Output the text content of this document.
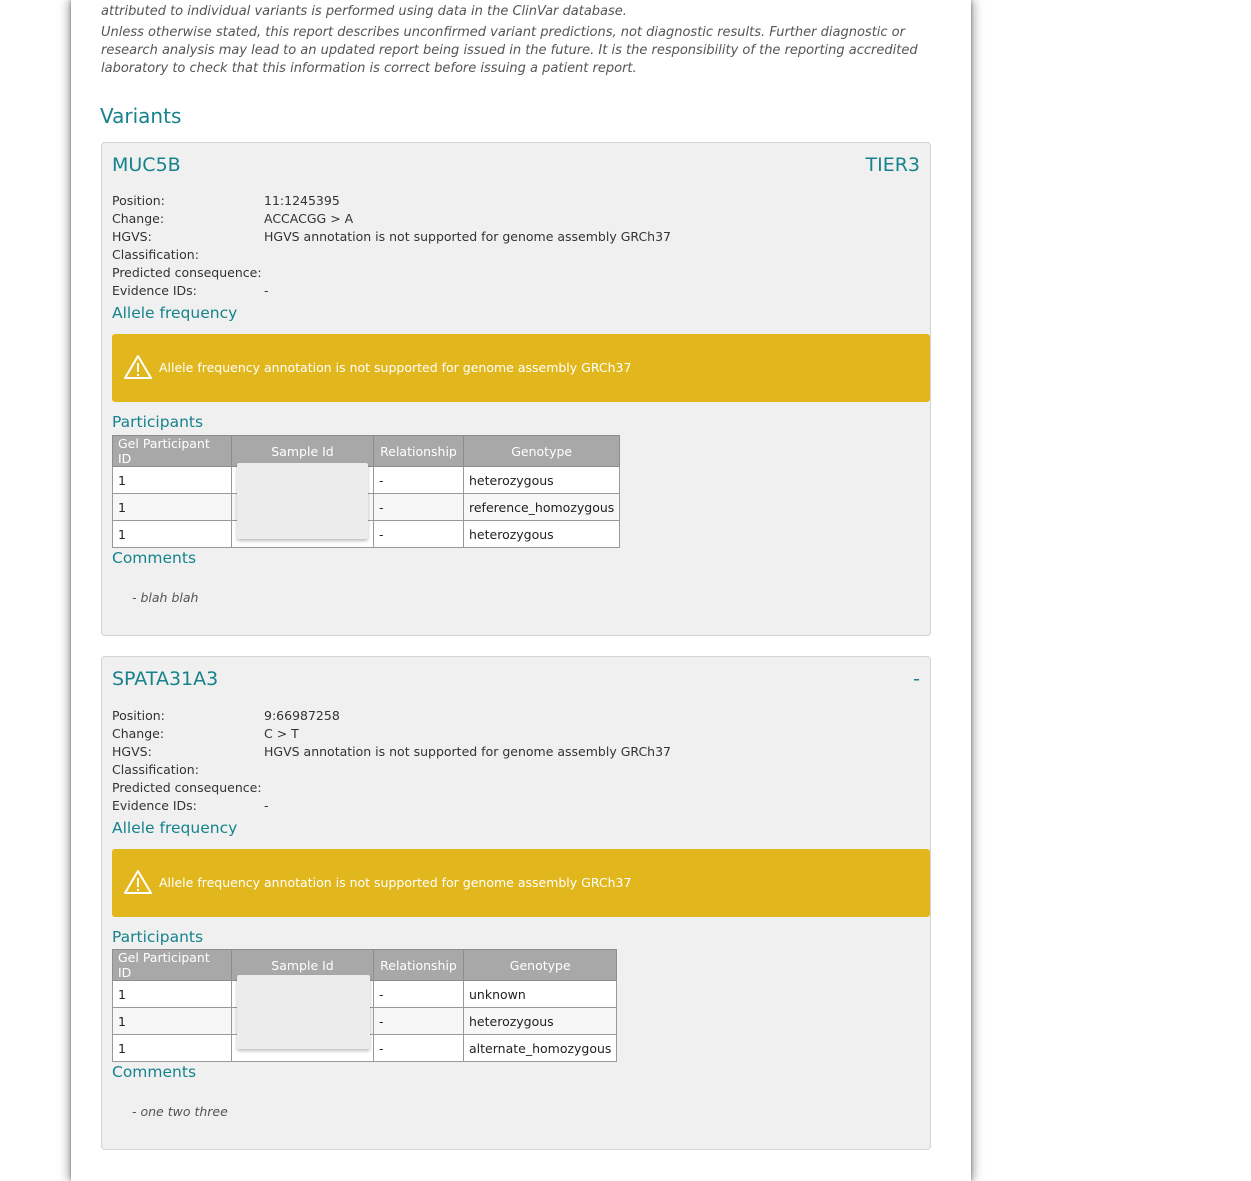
attributed to individual variants is performed using data in the ClinVar database.
Unless otherwise stated, this report describes unconfirmed variant predictions, not diagnostic results. Further diagnostic or research analysis may lead to an updated report being issued in the future. It is the responsibility of the reporting accredited laboratory to check that this information is correct before issuing a patient report.
Variants
MUC5B	TIER3
Position:	11:1245395
Change:	ACCACGG > A
HGVS:	HGVS annotation is not supported for genome assembly GRCh37
Classification:
Predicted consequence:
Evidence IDs:	-
Allele frequency
Allele frequency annotation is not supported for genome assembly GRCh37
Participants
Gel Participant ID	Sample Id	Relationship	Genotype
1		-	heterozygous
1		-	reference_homozygous
1		-	heterozygous
Comments
- blah blah
SPATA31A3	-
Position:	9:66987258
Change:	C > T
HGVS:	HGVS annotation is not supported for genome assembly GRCh37
Classification:
Predicted consequence:
Evidence IDs:	-
Allele frequency
Allele frequency annotation is not supported for genome assembly GRCh37
Participants
Gel Participant ID	Sample Id	Relationship	Genotype
1		-	unknown
1		-	heterozygous
1		-	alternate_homozygous
Comments
- one two three
